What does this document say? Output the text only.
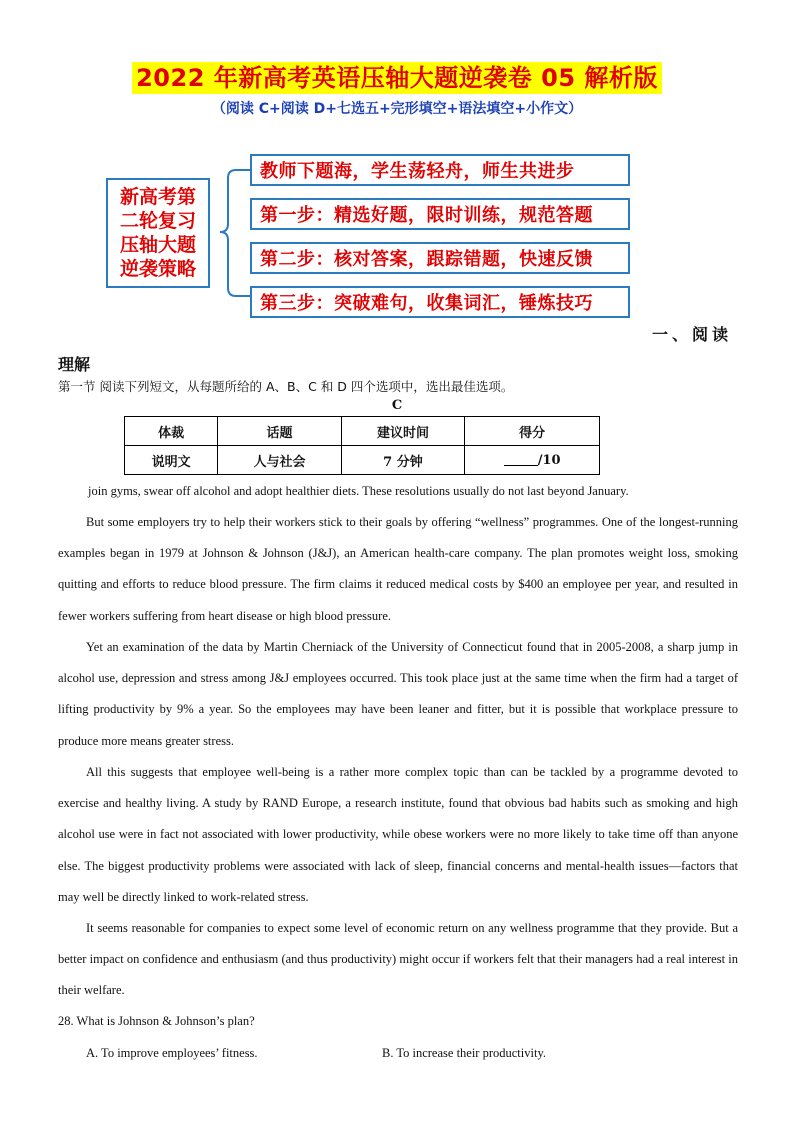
2022 年新高考英语压轴大题逆袭卷 05 解析版
（阅读 C+阅读 D+七选五+完形填空+语法填空+小作文）
新高考第二轮复习压轴大题逆袭策略
教师下题海，学生荡轻舟，师生共进步
第一步：精选好题，限时训练，规范答题
第二步：核对答案，跟踪错题，快速反馈
第三步：突破难句，收集词汇，锤炼技巧
一、阅读
理解
第一节 阅读下列短文，从每题所给的 A、B、C 和 D 四个选项中，选出最佳选项。
C
体裁	话题	建议时间	得分
说明文	人与社会	7 分钟	/10
join gyms, swear off alcohol and adopt healthier diets. These resolutions usually do not last beyond January.
But some employers try to help their workers stick to their goals by offering “wellness” programmes. One of the longest-running examples began in 1979 at Johnson & Johnson (J&J), an American health-care company. The plan promotes weight loss, smoking quitting and efforts to reduce blood pressure. The firm claims it reduced medical costs by $400 an employee per year, and resulted in fewer workers suffering from heart disease or high blood pressure.
Yet an examination of the data by Martin Cherniack of the University of Connecticut found that in 2005-2008, a sharp jump in alcohol use, depression and stress among J&J employees occurred. This took place just at the same time when the firm had a target of lifting productivity by 9% a year. So the employees may have been leaner and fitter, but it is possible that workplace pressure to produce more means greater stress.
All this suggests that employee well-being is a rather more complex topic than can be tackled by a programme devoted to exercise and healthy living. A study by RAND Europe, a research institute, found that obvious bad habits such as smoking and high alcohol use were in fact not associated with lower productivity, while obese workers were no more likely to take time off than anyone else. The biggest productivity problems were associated with lack of sleep, financial concerns and mental-health issues—factors that may well be directly linked to work-related stress.
It seems reasonable for companies to expect some level of economic return on any wellness programme that they provide. But a better impact on confidence and enthusiasm (and thus productivity) might occur if workers felt that their managers had a real interest in their welfare.
28. What is Johnson & Johnson’s plan?
A. To improve employees’ fitness.	B. To increase their productivity.
